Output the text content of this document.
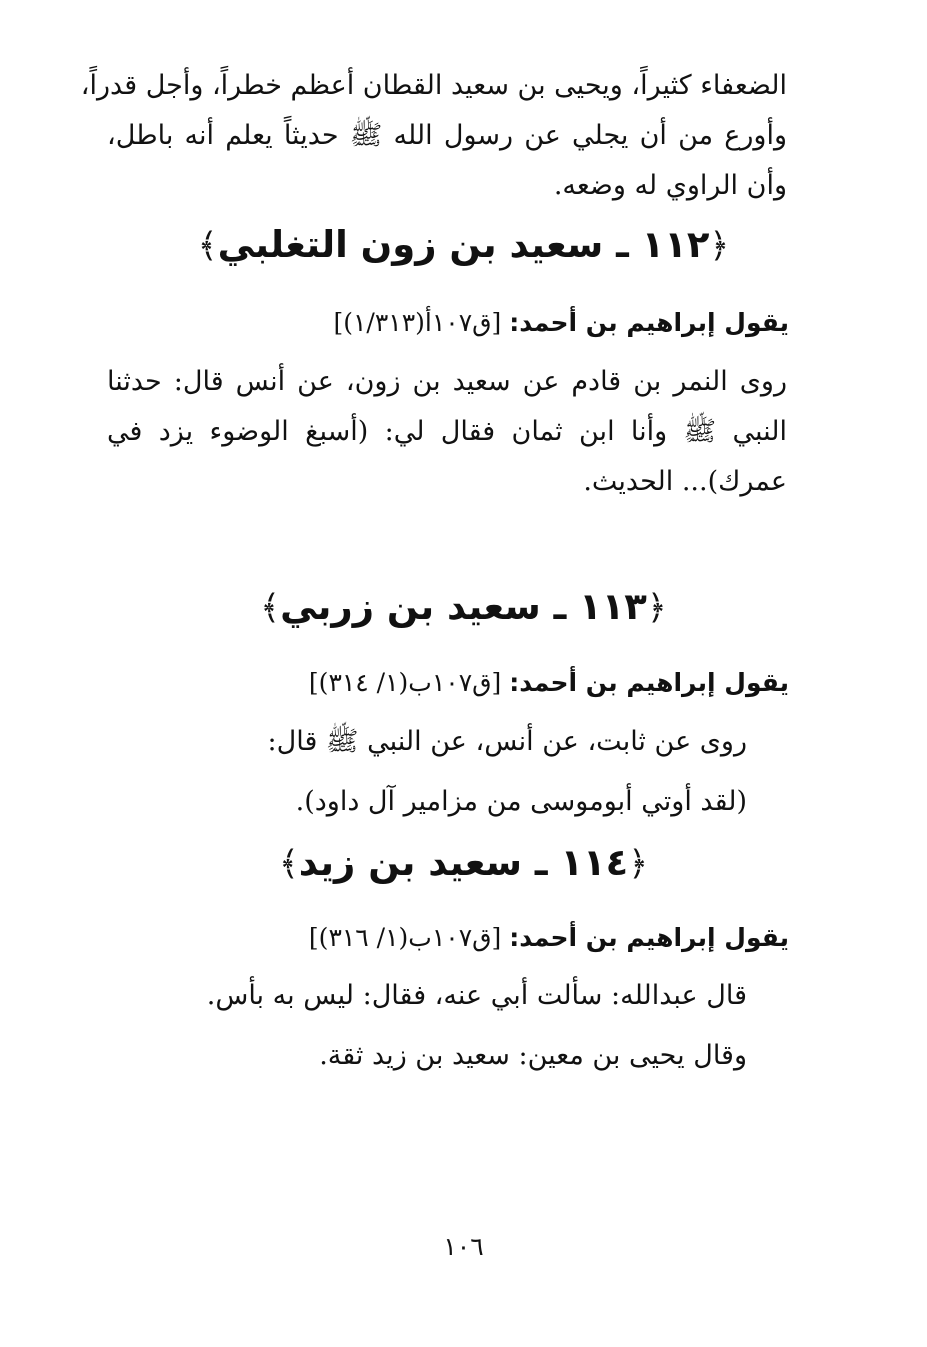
الضعفاء كثيراً، ويحيى بن سعيد القطان أعظم خطراً، وأجل قدراً،
وأورع من أن يجلي عن رسول الله ﷺ حديثاً يعلم أنه باطل،
وأن الراوي له وضعه.
﴿١١٢ ـ سعيد بن زون التغلبي﴾
يقول إبراهيم بن أحمد: [ق١٠٧أ(١/٣١٣)]
روى النمر بن قادم عن سعيد بن زون، عن أنس قال: حدثنا
النبي ﷺ وأنا ابن ثمان فقال لي: (أسبغ الوضوء يزد في
عمرك)... الحديث.
﴿١١٣ ـ سعيد بن زربي﴾
يقول إبراهيم بن أحمد: [ق١٠٧ب(١/ ٣١٤)]
روى عن ثابت، عن أنس، عن النبي ﷺ قال:
(لقد أوتي أبوموسى من مزامير آل داود).
﴿١١٤ ـ سعيد بن زيد﴾
يقول إبراهيم بن أحمد: [ق١٠٧ب(١/ ٣١٦)]
قال عبدالله: سألت أبي عنه، فقال: ليس به بأس.
وقال يحيى بن معين: سعيد بن زيد ثقة.
١٠٦
